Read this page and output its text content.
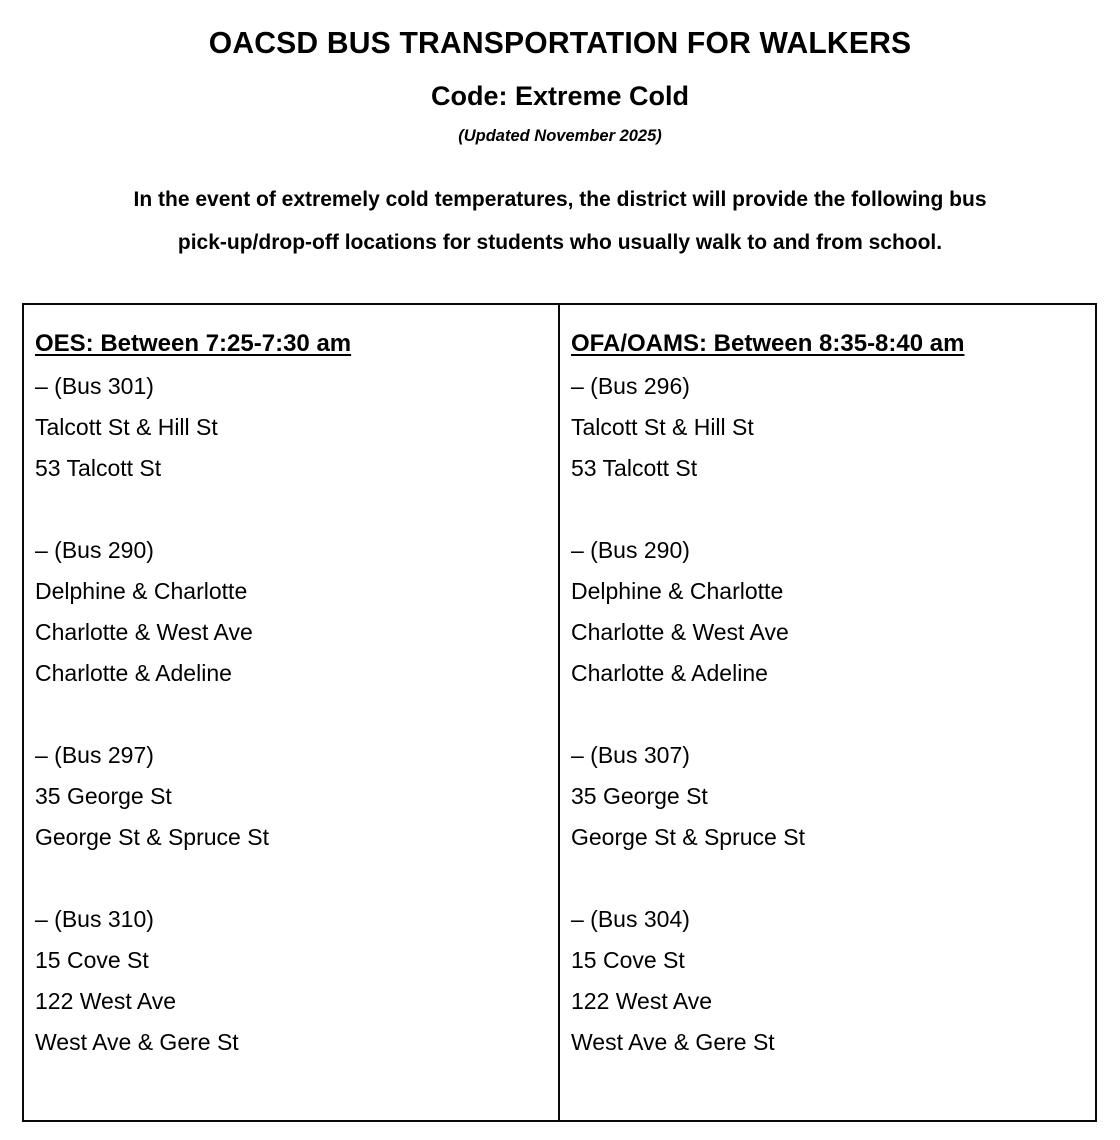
OACSD BUS TRANSPORTATION FOR WALKERS
Code: Extreme Cold

(Updated November 2025)

In the event of extremely cold temperatures, the district will provide the following bus
pick-up/drop-off locations for students who usually walk to and from school.
OES: Between 7:25-7:30 am
– (Bus 301)
Talcott St & Hill St
53 Talcott St
– (Bus 290)
Delphine & Charlotte
Charlotte & West Ave
Charlotte & Adeline
– (Bus 297)
35 George St
George St & Spruce St
– (Bus 310)
15 Cove St
122 West Ave
West Ave & Gere St
OFA/OAMS: Between 8:35-8:40 am
– (Bus 296)
Talcott St & Hill St
53 Talcott St
– (Bus 290)
Delphine & Charlotte
Charlotte & West Ave
Charlotte & Adeline
– (Bus 307)
35 George St
George St & Spruce St
– (Bus 304)
15 Cove St
122 West Ave
West Ave & Gere St
